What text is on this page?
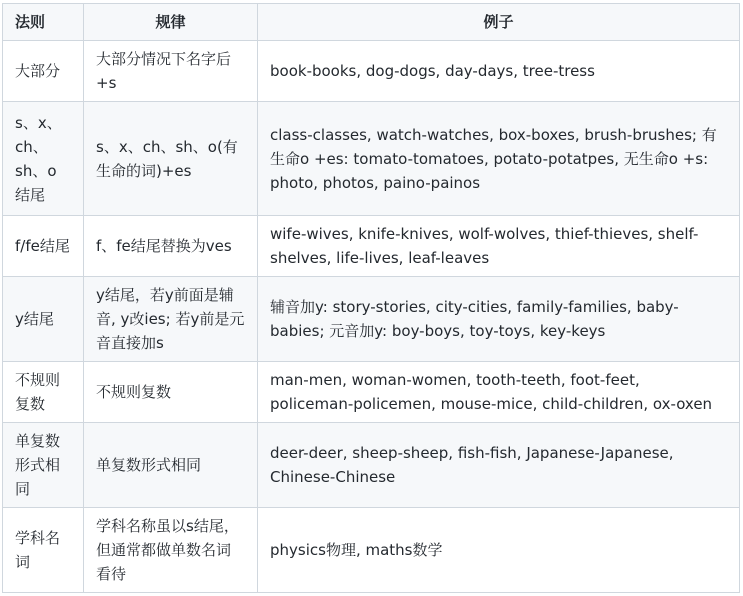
法则	规律	例子
大部分	大部分情况下名字后+s	book-books, dog-dogs, day-days, tree-tress
s、x、ch、sh、o结尾	s、x、ch、sh、o(有生命的词)+es	class-classes, watch-watches, box-boxes, brush-brushes; 有生命o +es: tomato-tomatoes, potato-potatpes, 无生命o +s: photo, photos, paino-painos
f/fe结尾	f、fe结尾替换为ves	wife-wives, knife-knives, wolf-wolves, thief-thieves, shelf-shelves, life-lives, leaf-leaves
y结尾	y结尾，若y前面是辅音, y改ies; 若y前是元音直接加s	辅音加y: story-stories, city-cities, family-families, baby-babies; 元音加y: boy-boys, toy-toys, key-keys
不规则复数	不规则复数	man-men, woman-women, tooth-teeth, foot-feet, policeman-policemen, mouse-mice, child-children, ox-oxen
单复数形式相同	单复数形式相同	deer-deer, sheep-sheep, fish-fish, Japanese-Japanese, Chinese-Chinese
学科名词	学科名称虽以s结尾，但通常都做单数名词看待	physics物理, maths数学
